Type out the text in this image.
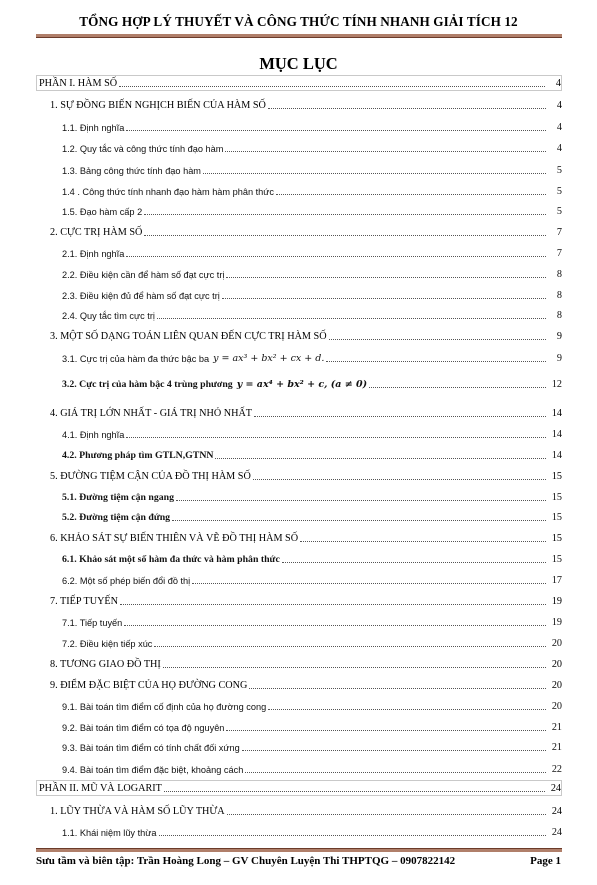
TỔNG HỢP LÝ THUYẾT VÀ CÔNG THỨC TÍNH NHANH GIẢI TÍCH 12
MỤC LỤC
PHẦN I. HÀM SỐ	4
1. SỰ ĐỒNG BIẾN NGHỊCH BIẾN CỦA HÀM SỐ	4
1.1. Định nghĩa	4
1.2. Quy tắc và công thức tính đạo hàm	4
1.3. Bảng công thức tính đạo hàm	5
1.4 . Công thức tính nhanh đạo hàm hàm phân thức	5
1.5. Đạo hàm cấp 2	5
2. CỰC TRỊ HÀM SỐ	7
2.1. Định nghĩa	7
2.2. Điều kiện cần để hàm số đạt cực trị	8
2.3. Điều kiện đủ để hàm số đạt cực trị	8
2.4. Quy tắc tìm cực trị	8
3. MỘT SỐ DẠNG TOÁN LIÊN QUAN ĐẾN CỰC TRỊ HÀM SỐ	9
3.1. Cực trị của hàm đa thức bậc ba y = ax³ + bx² + cx + d.	9
3.2. Cực trị của hàm bậc 4 trùng phương y = ax⁴ + bx² + c, (a ≠ 0)	12
4. GIÁ TRỊ LỚN NHẤT - GIÁ TRỊ NHỎ NHẤT	14
4.1. Định nghĩa	14
4.2. Phương pháp tìm GTLN,GTNN	14
5. ĐƯỜNG TIỆM CẬN CỦA ĐỒ THỊ HÀM SỐ	15
5.1. Đường tiệm cận ngang	15
5.2. Đường tiệm cận đứng	15
6. KHẢO SÁT SỰ BIẾN THIÊN VÀ VẼ ĐỒ THỊ HÀM SỐ	15
6.1. Khảo sát một số hàm đa thức và hàm phân thức	15
6.2. Một số phép biến đổi đồ thị	17
7. TIẾP TUYẾN	19
7.1. Tiếp tuyến	19
7.2. Điều kiện tiếp xúc	20
8. TƯƠNG GIAO ĐỒ THỊ	20
9. ĐIỂM ĐẶC BIỆT CỦA HỌ ĐƯỜNG CONG	20
9.1. Bài toán tìm điểm cố định của họ đường cong	20
9.2. Bài toán tìm điểm có tọa độ nguyên	21
9.3. Bài toán tìm điểm có tính chất đối xứng	21
9.4. Bài toán tìm điểm đặc biệt, khoảng cách	22
PHẦN II. MŨ VÀ LOGARIT	24
1. LŨY THỪA VÀ HÀM SỐ LŨY THỪA	24
1.1. Khái niệm lũy thừa	24
Sưu tầm và biên tập: Trần Hoàng Long – GV Chuyên Luyện Thi THPTQG – 0907822142	Page 1
